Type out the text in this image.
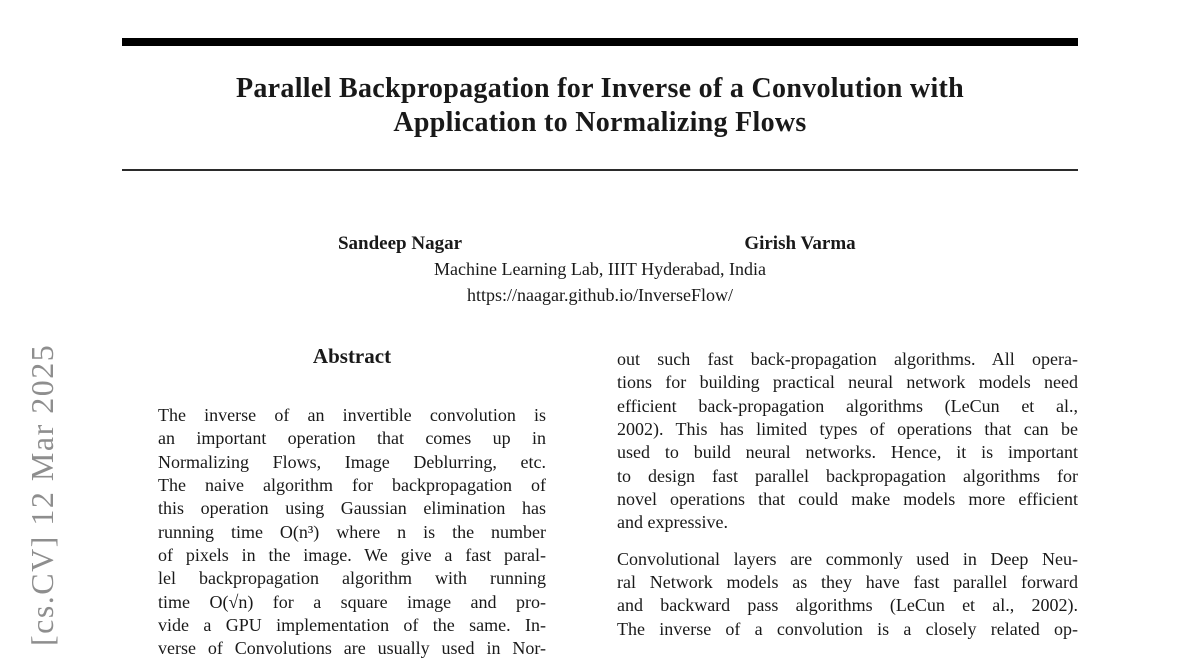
Parallel Backpropagation for Inverse of a Convolution with
Application to Normalizing Flows
Sandeep Nagar	Girish Varma
Machine Learning Lab, IIIT Hyderabad, India
https://naagar.github.io/InverseFlow/
[cs.CV] 12 Mar 2025	Abstract
The inverse of an invertible convolution is
an important operation that comes up in
Normalizing Flows, Image Deblurring, etc.
The naive algorithm for backpropagation of
this operation using Gaussian elimination has
running time O(n³) where n is the number
of pixels in the image. We give a fast paral-
lel backpropagation algorithm with running
time O(√n) for a square image and pro-
vide a GPU implementation of the same. In-
verse of Convolutions are usually used in Nor-
out such fast back-propagation algorithms. All opera-
tions for building practical neural network models need
efficient back-propagation algorithms (LeCun et al.,
2002). This has limited types of operations that can be
used to build neural networks. Hence, it is important
to design fast parallel backpropagation algorithms for
novel operations that could make models more efficient
and expressive.
Convolutional layers are commonly used in Deep Neu-
ral Network models as they have fast parallel forward
and backward pass algorithms (LeCun et al., 2002).
The inverse of a convolution is a closely related op-
